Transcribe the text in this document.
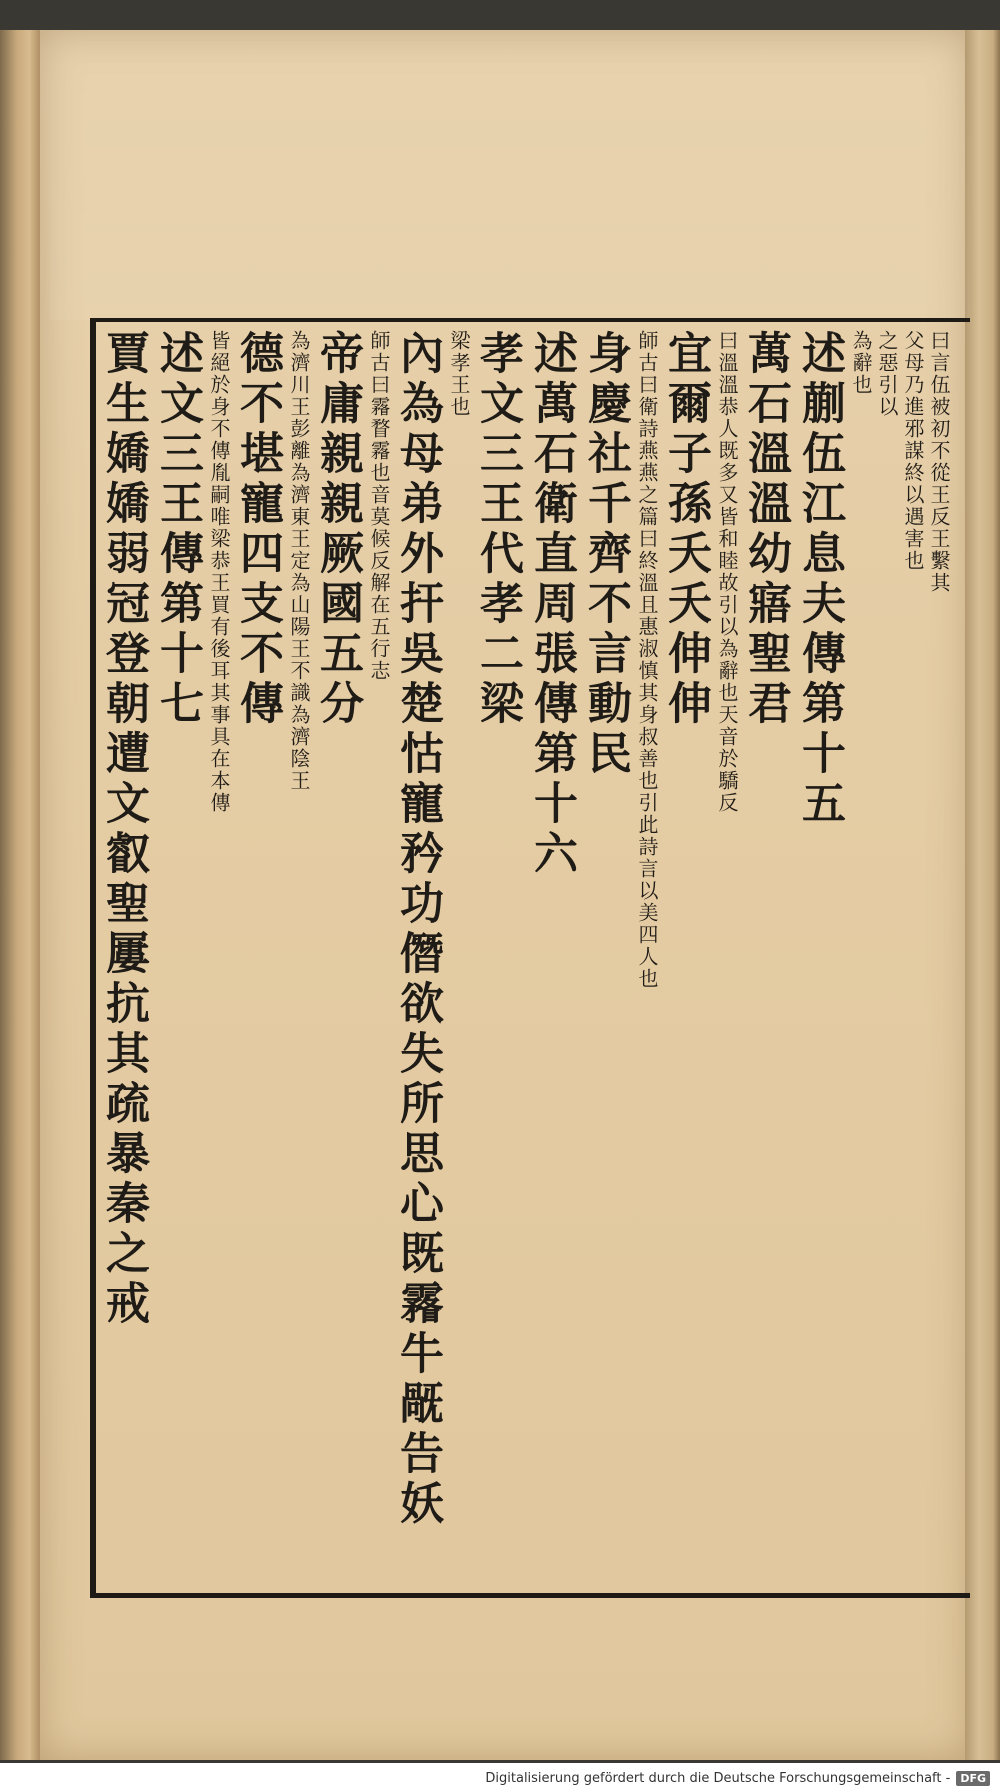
曰言伍被初不從王反王繫其
父母乃進邪謀終以遇害也
之惡引以
為辭也
述蒯伍江息夫傳第十五
萬石溫溫幼寤聖君
曰溫溫恭人既多又皆和睦故引以為辭也天音於驕反
宜爾子孫夭夭伸伸
師古曰衛詩燕燕之篇曰終溫且惠淑慎其身叔善也引此詩言以美四人也
身慶社千齊不言動民
述萬石衛直周張傳第十六
孝文三王代孝二梁
梁孝王也
內為母弟外扞吳楚怙寵矜功僭欲失所思心既霿牛旤告妖
師古曰霿瞀霿也音莫候反解在五行志
帝庸親親厥國五分
為濟川王彭離為濟東王定為山陽王不識為濟陰王
德不堪寵四支不傳
皆絕於身不傳胤嗣唯梁恭王買有後耳其事具在本傳
述文三王傳第十七
賈生嬌嬌弱冠登朝遭文叡聖屢抗其疏暴秦之戒
Digitalisierung gefördert durch die Deutsche Forschungsgemeinschaft - DFG
